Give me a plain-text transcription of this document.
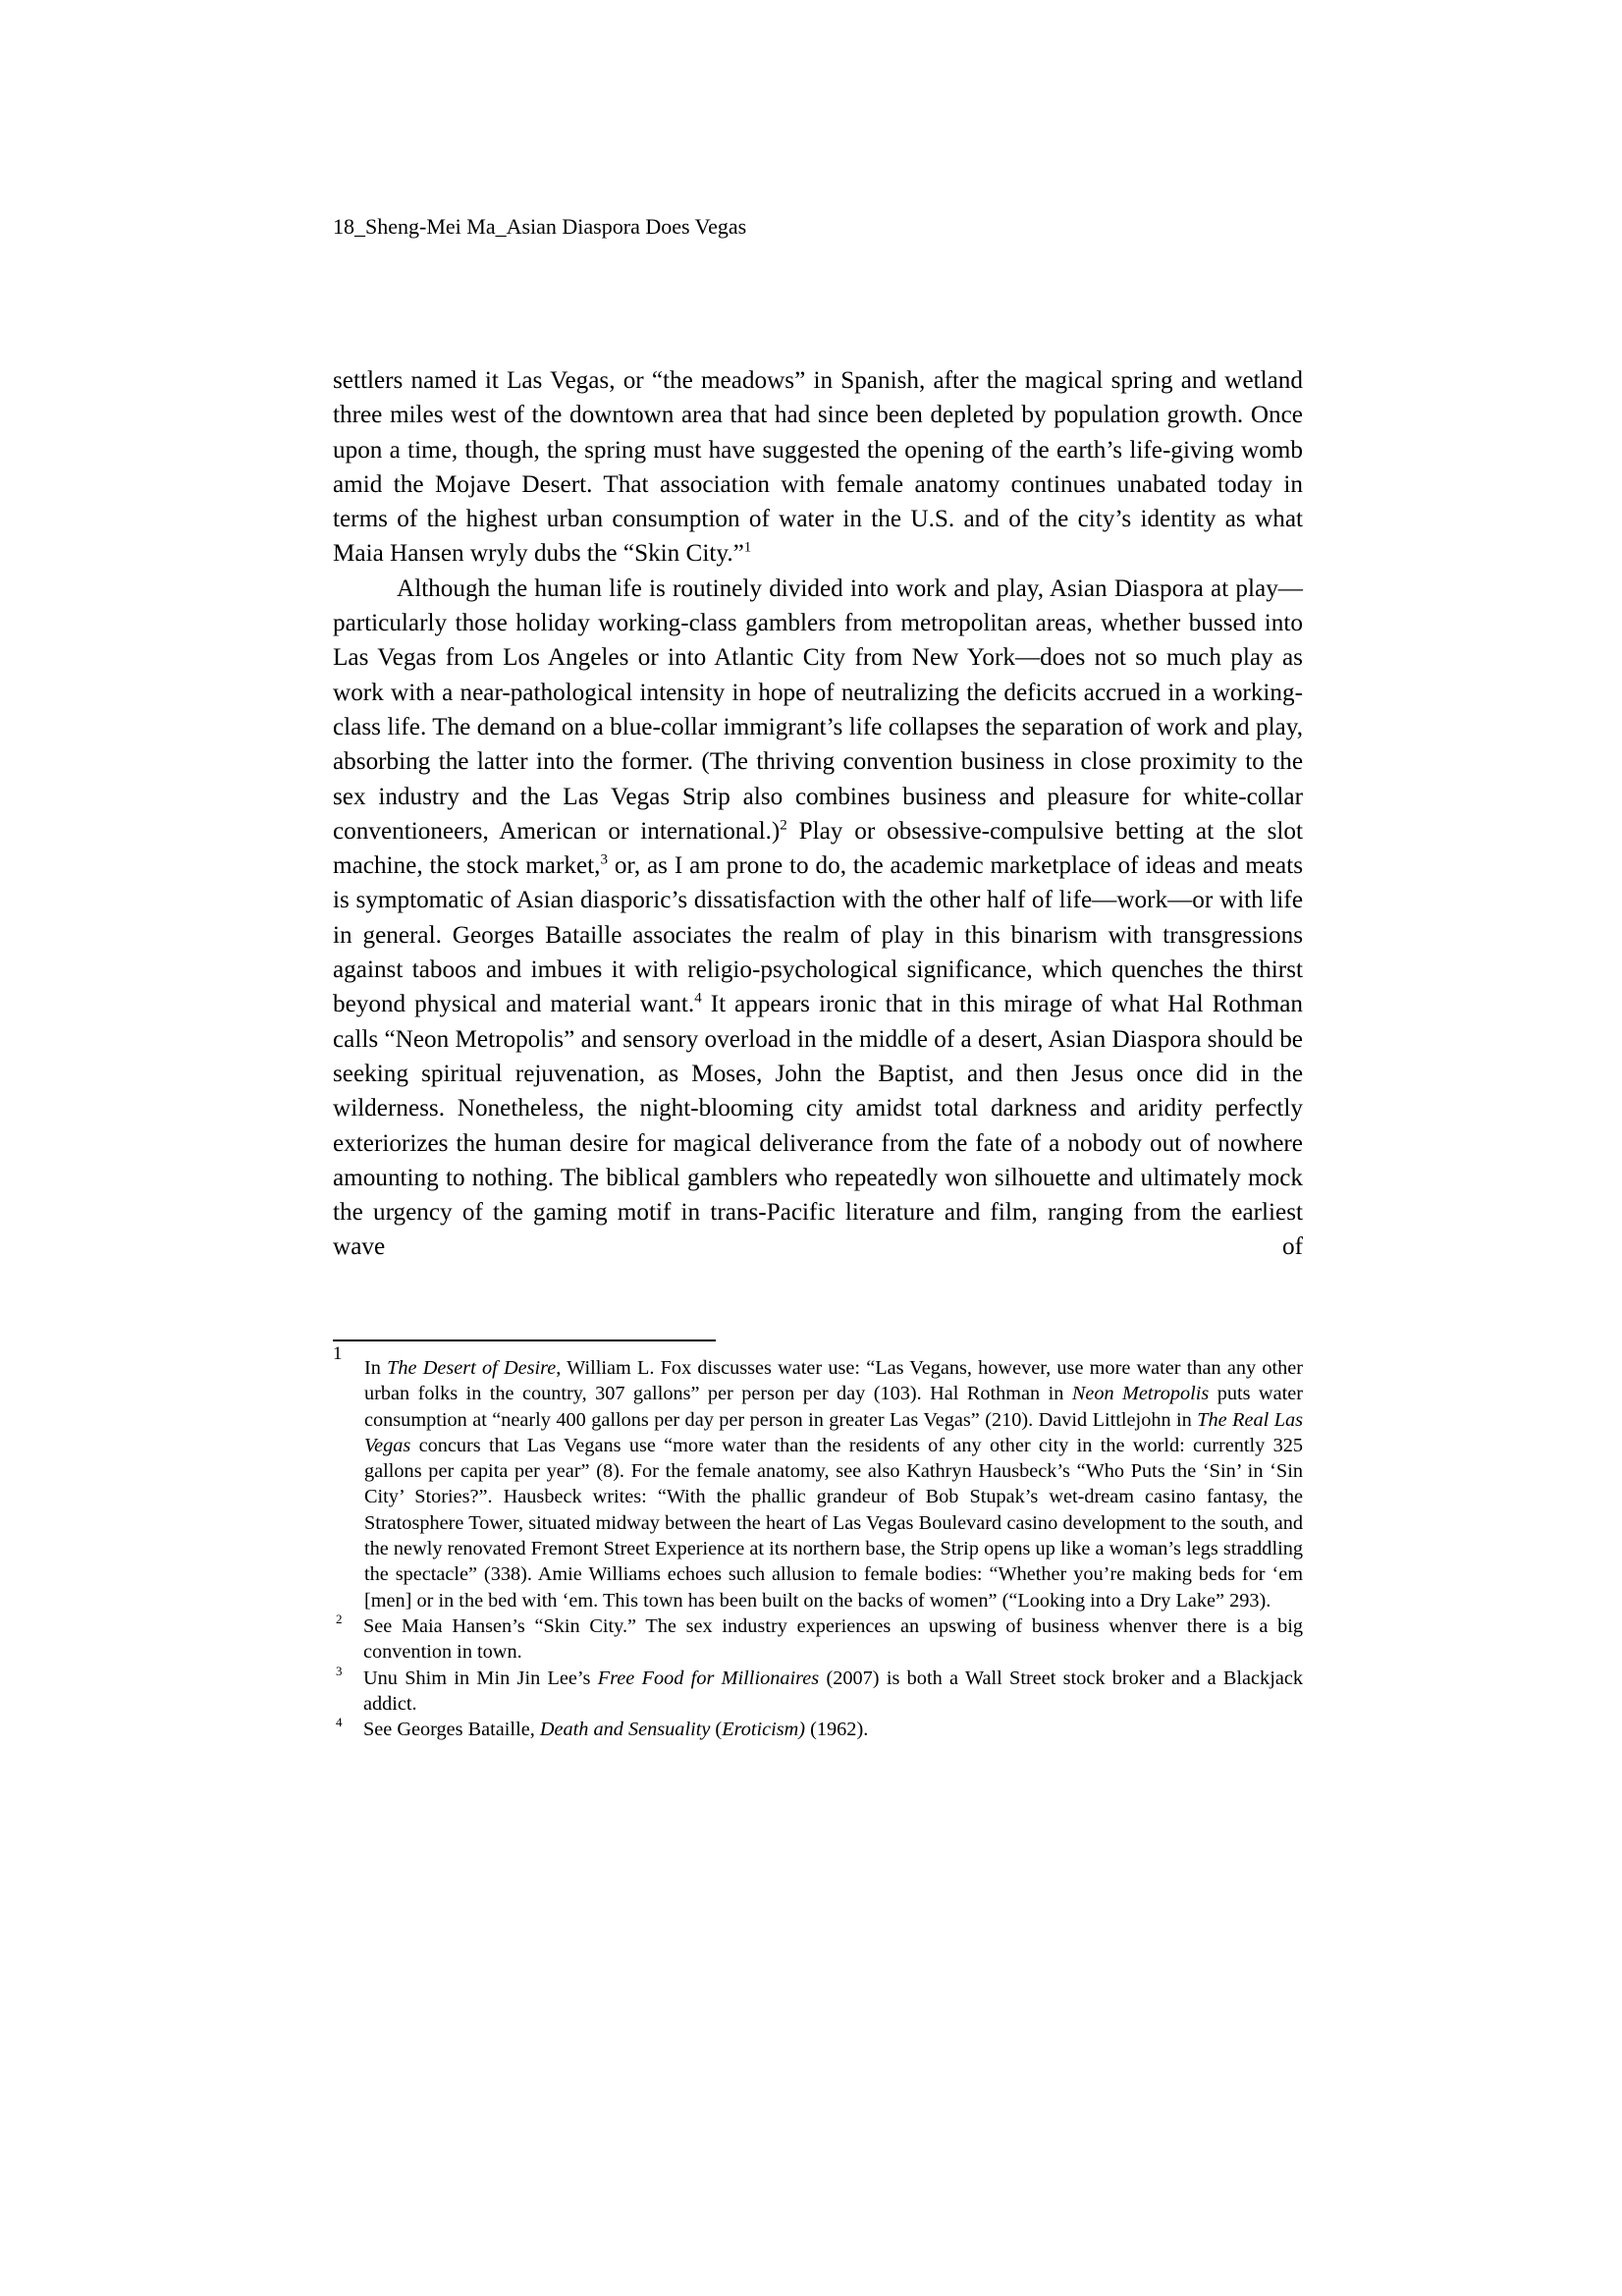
18_Sheng-Mei Ma_Asian Diaspora Does Vegas

settlers named it Las Vegas, or “the meadows” in Spanish, after the magical spring and wetland three miles west of the downtown area that had since been depleted by population growth. Once upon a time, though, the spring must have suggested the opening of the earth’s life-giving womb amid the Mojave Desert. That association with female anatomy continues unabated today in terms of the highest urban consumption of water in the U.S. and of the city’s identity as what Maia Hansen wryly dubs the “Skin City.”$^1$

Although the human life is routinely divided into work and play, Asian Diaspora at play—particularly those holiday working-class gamblers from metropolitan areas, whether bussed into Las Vegas from Los Angeles or into Atlantic City from New York—does not so much play as work with a near-pathological intensity in hope of neutralizing the deficits accrued in a working-class life. The demand on a blue-collar immigrant’s life collapses the separation of work and play, absorbing the latter into the former. (The thriving convention business in close proximity to the sex industry and the Las Vegas Strip also combines business and pleasure for white-collar conventioneers, American or international.)$^2$ Play or obsessive-compulsive betting at the slot machine, the stock market,$^3$ or, as I am prone to do, the academic marketplace of ideas and meats is symptomatic of Asian diasporic’s dissatisfaction with the other half of life—work—or with life in general. Georges Bataille associates the realm of play in this binarism with transgressions against taboos and imbues it with religio-psychological significance, which quenches the thirst beyond physical and material want.$^4$ It appears ironic that in this mirage of what Hal Rothman calls “Neon Metropolis” and sensory overload in the middle of a desert, Asian Diaspora should be seeking spiritual rejuvenation, as Moses, John the Baptist, and then Jesus once did in the wilderness. Nonetheless, the night-blooming city amidst total darkness and aridity perfectly exteriorizes the human desire for magical deliverance from the fate of a nobody out of nowhere amounting to nothing. The biblical gamblers who repeatedly won silhouette and ultimately mock the urgency of the gaming motif in trans-Pacific literature and film, ranging from the earliest wave of

1
In The Desert of Desire, William L. Fox discusses water use: “Las Vegans, however, use more water than any other urban folks in the country, 307 gallons” per person per day (103). Hal Rothman in Neon Metropolis puts water consumption at “nearly 400 gallons per day per person in greater Las Vegas” (210). David Littlejohn in The Real Las Vegas concurs that Las Vegans use “more water than the residents of any other city in the world: currently 325 gallons per capita per year” (8). For the female anatomy, see also Kathryn Hausbeck’s “Who Puts the ‘Sin’ in ‘Sin City’ Stories?”. Hausbeck writes: “With the phallic grandeur of Bob Stupak’s wet-dream casino fantasy, the Stratosphere Tower, situated midway between the heart of Las Vegas Boulevard casino development to the south, and the newly renovated Fremont Street Experience at its northern base, the Strip opens up like a woman’s legs straddling the spectacle” (338). Amie Williams echoes such allusion to female bodies: “Whether you’re making beds for ‘em [men] or in the bed with ‘em. This town has been built on the backs of women” (“Looking into a Dry Lake” 293).

2 See Maia Hansen’s “Skin City.” The sex industry experiences an upswing of business whenver there is a big convention in town.

3 Unu Shim in Min Jin Lee’s Free Food for Millionaires (2007) is both a Wall Street stock broker and a Blackjack addict.

4 See Georges Bataille, Death and Sensuality (Eroticism) (1962).
